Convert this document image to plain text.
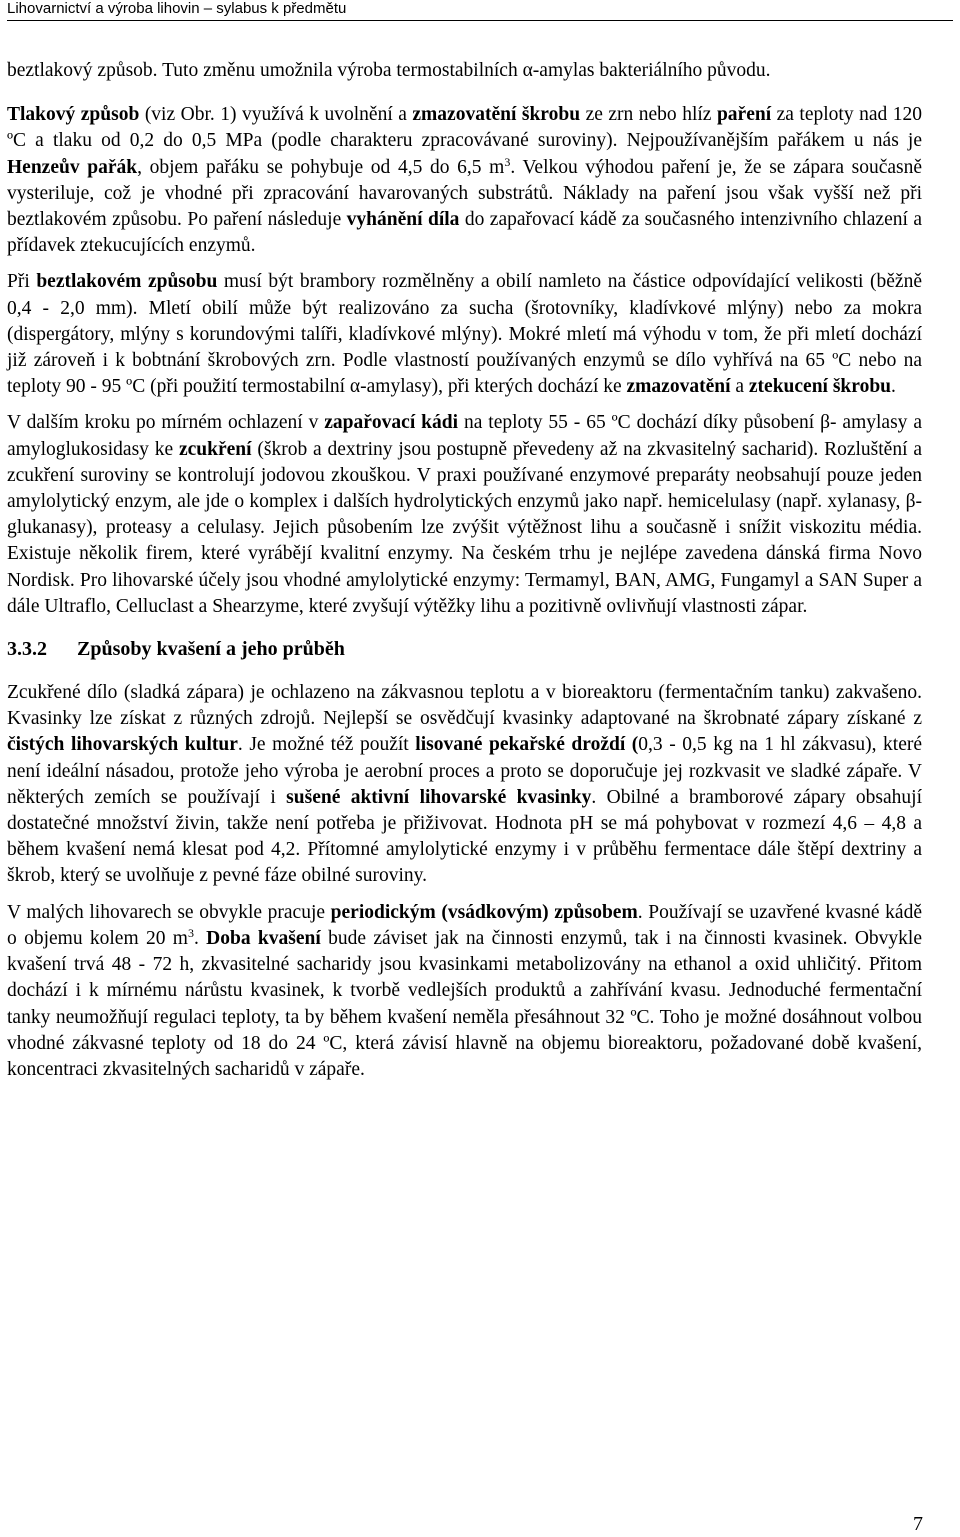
Lihovarnictví a výroba lihovin – sylabus k předmětu

beztlakový způsob. Tuto změnu umožnila výroba termostabilních α-amylas bakteriálního původu.

Tlakový způsob (viz Obr. 1) využívá k uvolnění a zmazovatění škrobu ze zrn nebo hlíz paření za teploty nad 120 ºC a tlaku od 0,2 do 0,5 MPa (podle charakteru zpracovávané suroviny). Nejpoužívanějším pařákem u nás je Henzeův pařák, objem pařáku se pohybuje od 4,5 do 6,5 $m^3$. Velkou výhodou paření je, že se zápara současně vysteriluje, což je vhodné při zpracování havarovaných substrátů. Náklady na paření jsou však vyšší než při beztlakovém způsobu. Po paření následuje vyhánění díla do zapařovací kádě za současného intenzivního chlazení a přídavek ztekucujících enzymů.

Při beztlakovém způsobu musí být brambory rozmělněny a obilí namleto na částice odpovídající velikosti (běžně 0,4 - 2,0 mm). Mletí obilí může být realizováno za sucha (šrotovníky, kladívkové mlýny) nebo za mokra (dispergátory, mlýny s korundovými talíři, kladívkové mlýny). Mokré mletí má výhodu v tom, že při mletí dochází již zároveň i k bobtnání škrobových zrn. Podle vlastností používaných enzymů se dílo vyhřívá na 65 ºC nebo na teploty 90 - 95 ºC (při použití termostabilní α-amylasy), při kterých dochází ke zmazovatění a ztekucení škrobu.

V dalším kroku po mírném ochlazení v zapařovací kádi na teploty 55 - 65 ºC dochází díky působení β- amylasy a amyloglukosidasy ke zcukření (škrob a dextriny jsou postupně převedeny až na zkvasitelný sacharid). Rozluštění a zcukření suroviny se kontrolují jodovou zkouškou. V praxi používané enzymové preparáty neobsahují pouze jeden amylolytický enzym, ale jde o komplex i dalších hydrolytických enzymů jako např. hemicelulasy (např. xylanasy, β-glukanasy), proteasy a celulasy. Jejich působením lze zvýšit výtěžnost lihu a současně i snížit viskozitu média. Existuje několik firem, které vyrábějí kvalitní enzymy. Na českém trhu je nejlépe zavedena dánská firma Novo Nordisk. Pro lihovarské účely jsou vhodné amylolytické enzymy: Termamyl, BAN, AMG, Fungamyl a SAN Super a dále Ultraflo, Celluclast a Shearzyme, které zvyšují výtěžky lihu a pozitivně ovlivňují vlastnosti zápar.

3.3.2 Způsoby kvašení a jeho průběh

Zcukřené dílo (sladká zápara) je ochlazeno na zákvasnou teplotu a v bioreaktoru (fermentačním tanku) zakvašeno. Kvasinky lze získat z různých zdrojů. Nejlepší se osvědčují kvasinky adaptované na škrobnaté zápary získané z čistých lihovarských kultur. Je možné též použít lisované pekařské droždí (0,3 - 0,5 kg na 1 hl zákvasu), které není ideální násadou, protože jeho výroba je aerobní proces a proto se doporučuje jej rozkvasit ve sladké zápaře. V některých zemích se používají i sušené aktivní lihovarské kvasinky. Obilné a bramborové zápary obsahují dostatečné množství živin, takže není potřeba je přiživovat. Hodnota pH se má pohybovat v rozmezí 4,6 – 4,8 a během kvašení nemá klesat pod 4,2. Přítomné amylolytické enzymy i v průběhu fermentace dále štěpí dextriny a škrob, který se uvolňuje z pevné fáze obilné suroviny.

V malých lihovarech se obvykle pracuje periodickým (vsádkovým) způsobem. Používají se uzavřené kvasné kádě o objemu kolem 20 $m^3$. Doba kvašení bude záviset jak na činnosti enzymů, tak i na činnosti kvasinek. Obvykle kvašení trvá 48 - 72 h, zkvasitelné sacharidy jsou kvasinkami metabolizovány na ethanol a oxid uhličitý. Přitom dochází i k mírnému nárůstu kvasinek, k tvorbě vedlejších produktů a zahřívání kvasu. Jednoduché fermentační tanky neumožňují regulaci teploty, ta by během kvašení neměla přesáhnout 32 ºC. Toho je možné dosáhnout volbou vhodné zákvasné teploty od 18 do 24 ºC, která závisí hlavně na objemu bioreaktoru, požadované době kvašení, koncentraci zkvasitelných sacharidů v zápaře.

7
